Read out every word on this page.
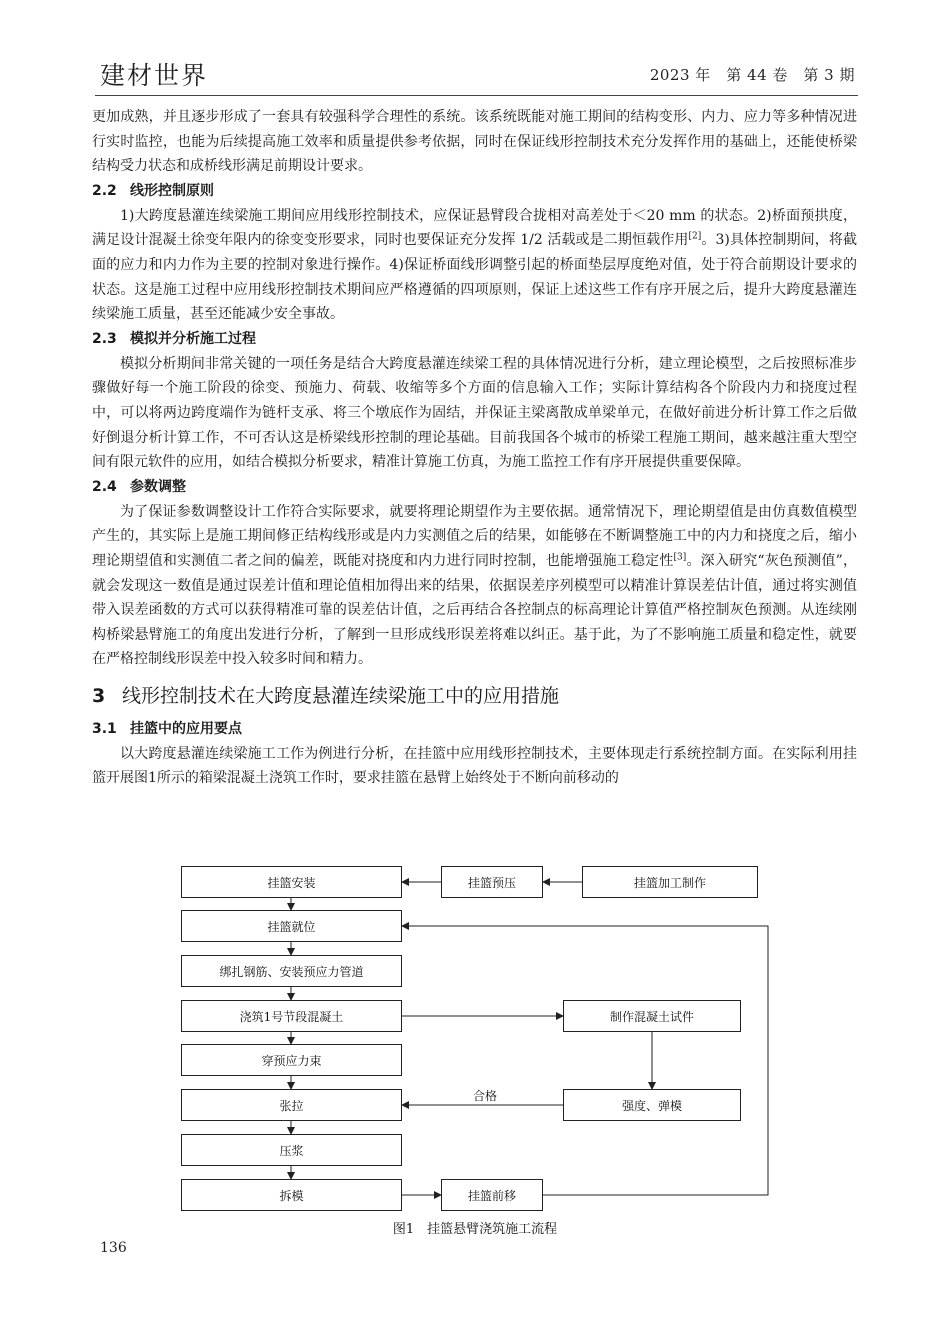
建材世界	2023 年　第 44 卷　第 3 期

更加成熟，并且逐步形成了一套具有较强科学合理性的系统。该系统既能对施工期间的结构变形、内力、应力等多种情况进行实时监控，也能为后续提高施工效率和质量提供参考依据，同时在保证线形控制技术充分发挥作用的基础上，还能使桥梁结构受力状态和成桥线形满足前期设计要求。

2.2 线形控制原则

1)大跨度悬灌连续梁施工期间应用线形控制技术，应保证悬臂段合拢相对高差处于＜20 mm 的状态。2)桥面预拱度，满足设计混凝土徐变年限内的徐变变形要求，同时也要保证充分发挥 1/2 活载或是二期恒载作用[2]。3)具体控制期间，将截面的应力和内力作为主要的控制对象进行操作。4)保证桥面线形调整引起的桥面垫层厚度绝对值，处于符合前期设计要求的状态。这是施工过程中应用线形控制技术期间应严格遵循的四项原则，保证上述这些工作有序开展之后，提升大跨度悬灌连续梁施工质量，甚至还能减少安全事故。

2.3 模拟并分析施工过程

模拟分析期间非常关键的一项任务是结合大跨度悬灌连续梁工程的具体情况进行分析，建立理论模型，之后按照标准步骤做好每一个施工阶段的徐变、预施力、荷载、收缩等多个方面的信息输入工作；实际计算结构各个阶段内力和挠度过程中，可以将两边跨度端作为链杆支承、将三个墩底作为固结，并保证主梁离散成单梁单元，在做好前进分析计算工作之后做好倒退分析计算工作，不可否认这是桥梁线形控制的理论基础。目前我国各个城市的桥梁工程施工期间，越来越注重大型空间有限元软件的应用，如结合模拟分析要求，精准计算施工仿真，为施工监控工作有序开展提供重要保障。

2.4 参数调整

为了保证参数调整设计工作符合实际要求，就要将理论期望作为主要依据。通常情况下，理论期望值是由仿真数值模型产生的，其实际上是施工期间修正结构线形或是内力实测值之后的结果，如能够在不断调整施工中的内力和挠度之后，缩小理论期望值和实测值二者之间的偏差，既能对挠度和内力进行同时控制，也能增强施工稳定性[3]。深入研究“灰色预测值”，就会发现这一数值是通过误差计值和理论值相加得出来的结果，依据误差序列模型可以精准计算误差估计值，通过将实测值带入误差函数的方式可以获得精准可靠的误差估计值，之后再结合各控制点的标高理论计算值严格控制灰色预测。从连续刚构桥梁悬臂施工的角度出发进行分析，了解到一旦形成线形误差将难以纠正。基于此，为了不影响施工质量和稳定性，就要在严格控制线形误差中投入较多时间和精力。

3 线形控制技术在大跨度悬灌连续梁施工中的应用措施
3.1 挂篮中的应用要点

以大跨度悬灌连续梁施工工作为例进行分析，在挂篮中应用线形控制技术，主要体现走行系统控制方面。在实际利用挂篮开展图1所示的箱梁混凝土浇筑工作时，要求挂篮在悬臂上始终处于不断向前移动的

挂篮安装
挂篮就位
绑扎钢筋、安装预应力管道
浇筑1号节段混凝土
穿预应力束
张拉
压浆
拆模
挂篮预压	挂篮加工制作
制作混凝土试件
强度、弹模
挂篮前移
合格
图1　挂篮悬臂浇筑施工流程
136
